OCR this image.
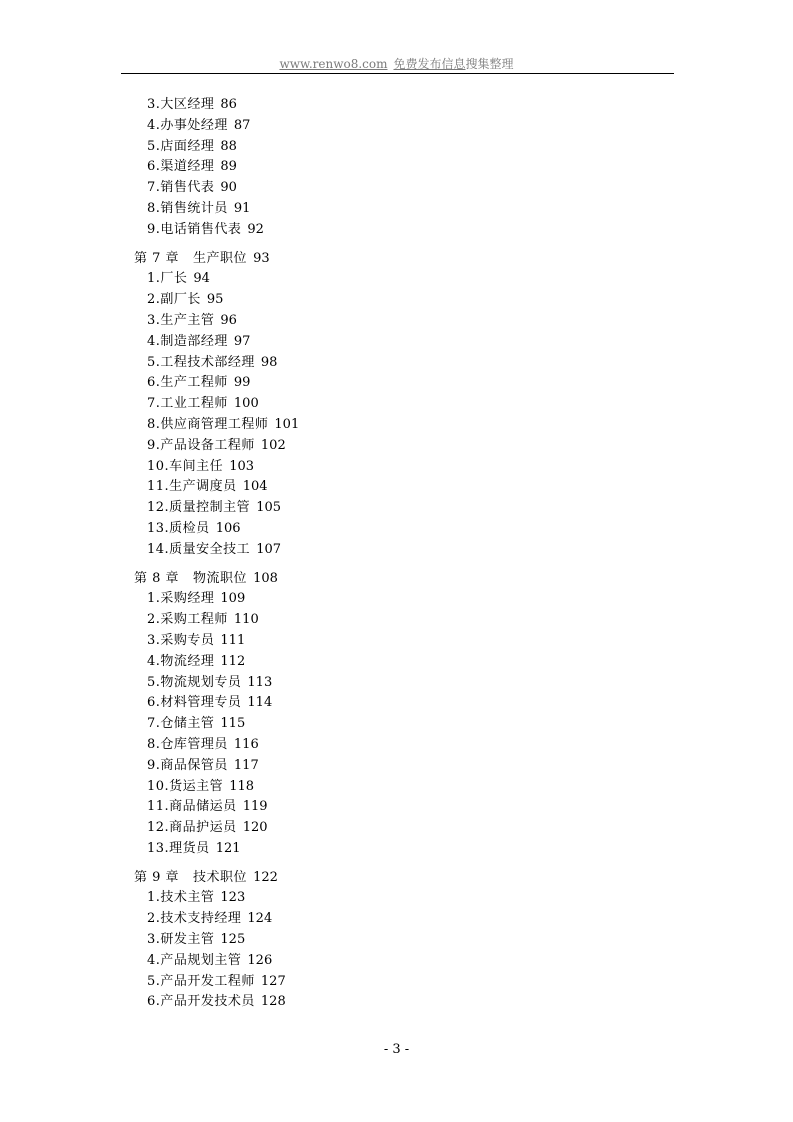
www.renwo8.com 免费发布信息搜集整理
3.大区经理 86
4.办事处经理 87
5.店面经理 88
6.渠道经理 89
7.销售代表 90
8.销售统计员 91
9.电话销售代表 92
第 7 章 生产职位 93
1.厂长 94
2.副厂长 95
3.生产主管 96
4.制造部经理 97
5.工程技术部经理 98
6.生产工程师 99
7.工业工程师 100
8.供应商管理工程师 101
9.产品设备工程师 102
10.车间主任 103
11.生产调度员 104
12.质量控制主管 105
13.质检员 106
14.质量安全技工 107
第 8 章 物流职位 108
1.采购经理 109
2.采购工程师 110
3.采购专员 111
4.物流经理 112
5.物流规划专员 113
6.材料管理专员 114
7.仓储主管 115
8.仓库管理员 116
9.商品保管员 117
10.货运主管 118
11.商品储运员 119
12.商品护运员 120
13.理货员 121
第 9 章 技术职位 122
1.技术主管 123
2.技术支持经理 124
3.研发主管 125
4.产品规划主管 126
5.产品开发工程师 127
6.产品开发技术员 128
- 3 -
